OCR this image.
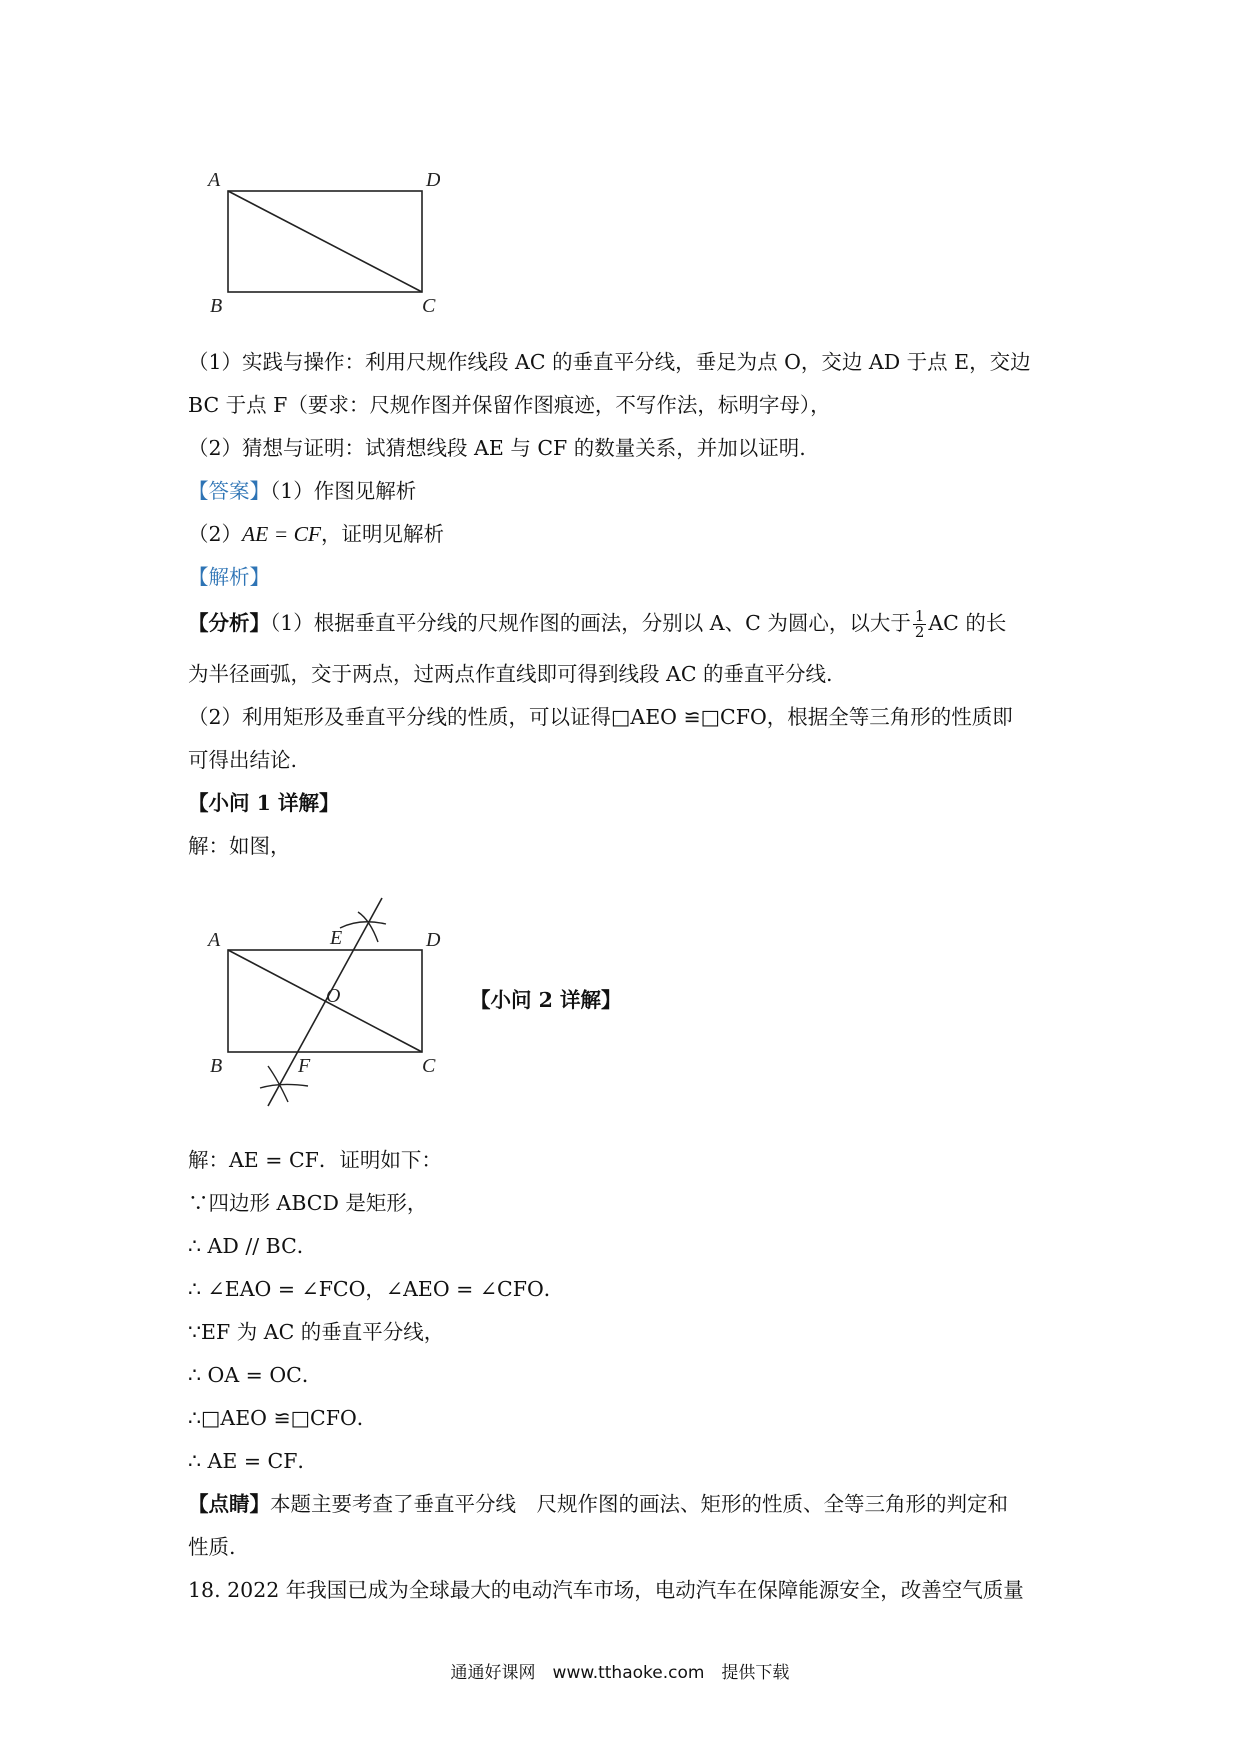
A	D
B	C
（1）实践与操作：利用尺规作线段 AC 的垂直平分线，垂足为点 O，交边 AD 于点 E，交边
BC 于点 F（要求：尺规作图并保留作图痕迹，不写作法，标明字母），
（2）猜想与证明：试猜想线段 AE 与 CF 的数量关系，并加以证明.
【答案】（1）作图见解析
（2）AE = CF，证明见解析
【解析】
【分析】（1）根据垂直平分线的尺规作图的画法，分别以 A、C 为圆心，以大于 $\frac{1}{2}$ AC 的长
为半径画弧，交于两点，过两点作直线即可得到线段 AC 的垂直平分线.
（2）利用矩形及垂直平分线的性质，可以证得□AEO ≌□CFO，根据全等三角形的性质即
可得出结论.
【小问 1 详解】
解：如图，
A	D
B	C
E
F
O	【小问 2 详解】
解：AE = CF．证明如下：
∵四边形 ABCD 是矩形，
∴ AD // BC．
∴ ∠EAO = ∠FCO，∠AEO = ∠CFO．
∵EF 为 AC 的垂直平分线，
∴ OA = OC．
∴□AEO ≌□CFO．
∴ AE = CF．
【点睛】本题主要考查了垂直平分线　尺规作图的画法、矩形的性质、全等三角形的判定和
性质.
18. 2022 年我国已成为全球最大的电动汽车市场，电动汽车在保障能源安全，改善空气质量
通通好课网　www.tthaoke.com　提供下载
